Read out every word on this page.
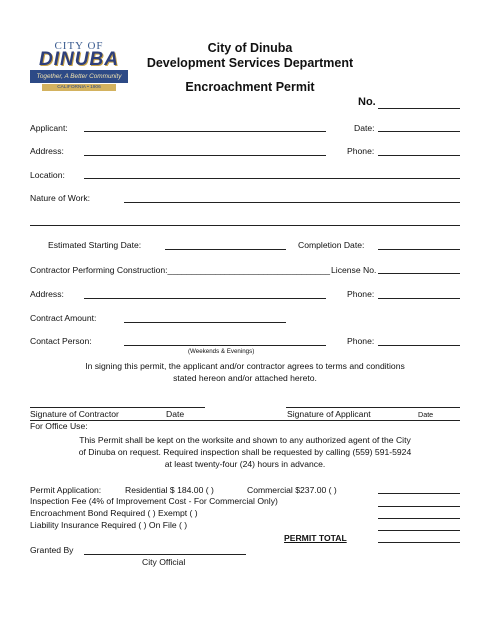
CITY OF
DINUBA
Together, A Better Community
CALIFORNIA • 1906
City of Dinuba
Development Services Department
Encroachment Permit
No.
Applicant:	Date:
Address:	Phone:
Location:
Nature of Work:
Estimated Starting Date:	Completion Date:
Contractor Performing Construction:__________________________________ License No.
Address:	Phone:
Contract Amount:
Contact Person:	Phone:
(Weekends & Evenings)
In signing this permit, the applicant and/or contractor agrees to terms and conditions
stated hereon and/or attached hereto.
Signature of Contractor	Date	Signature of Applicant	Date
For Office Use:
This Permit shall be kept on the worksite and shown to any authorized agent of the City
of Dinuba on request. Required inspection shall be requested by calling (559) 591-5924
at least twenty-four (24) hours in advance.
Permit Application:	Residential $ 184.00 ( )	Commercial $237.00 ( )
Inspection Fee (4% of Improvement Cost - For Commercial Only)
Encroachment Bond Required ( ) Exempt ( )
Liability Insurance Required ( ) On File ( )
PERMIT TOTAL
Granted By
City Official
